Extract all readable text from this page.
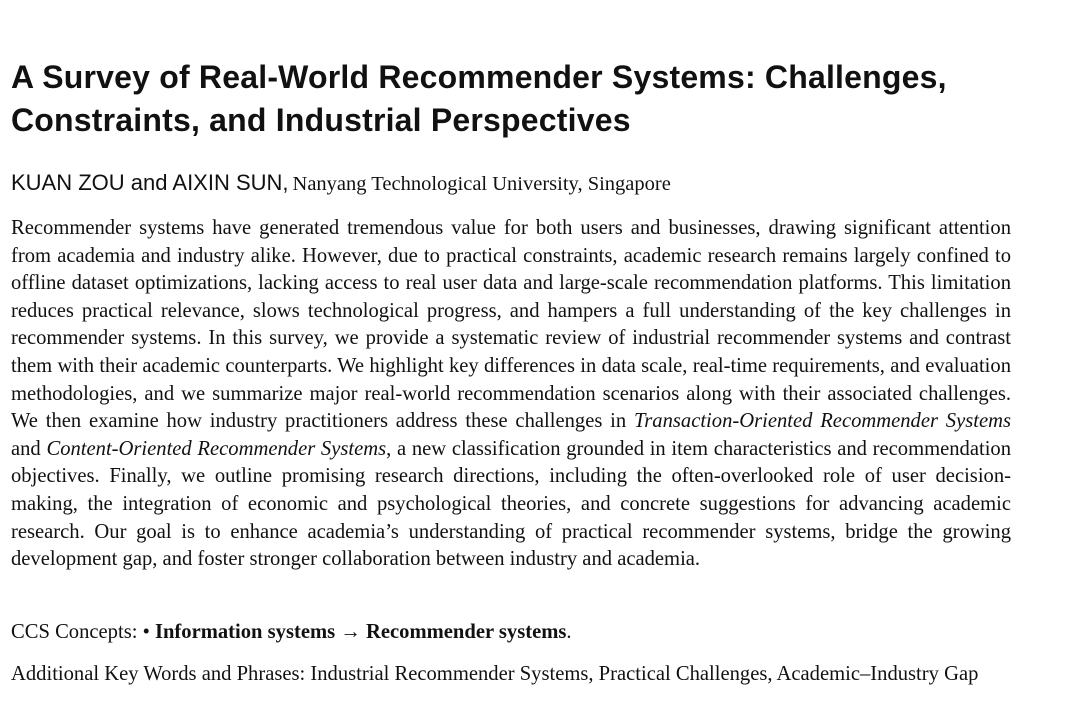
A Survey of Real-World Recommender Systems: Challenges, Constraints, and Industrial Perspectives
KUAN ZOU and AIXIN SUN, Nanyang Technological University, Singapore

Recommender systems have generated tremendous value for both users and businesses, drawing significant attention from academia and industry alike. However, due to practical constraints, academic research remains largely confined to offline dataset optimizations, lacking access to real user data and large-scale recommendation platforms. This limitation reduces practical relevance, slows technological progress, and hampers a full understanding of the key challenges in recommender systems. In this survey, we provide a systematic review of industrial recommender systems and contrast them with their academic counterparts. We highlight key differences in data scale, real-time requirements, and evaluation methodologies, and we summarize major real-world recommendation scenarios along with their associated challenges. We then examine how industry practitioners address these challenges in Transaction-Oriented Recommender Systems and Content-Oriented Recommender Systems, a new classification grounded in item characteristics and recommendation objectives. Finally, we outline promising research directions, including the often-overlooked role of user decision-making, the integration of economic and psychological theories, and concrete suggestions for advancing academic research. Our goal is to enhance academia’s understanding of practical recommender systems, bridge the growing development gap, and foster stronger collaboration between industry and academia.

CCS Concepts: • Information systems → Recommender systems.

Additional Key Words and Phrases: Industrial Recommender Systems, Practical Challenges, Academic–Industry Gap
